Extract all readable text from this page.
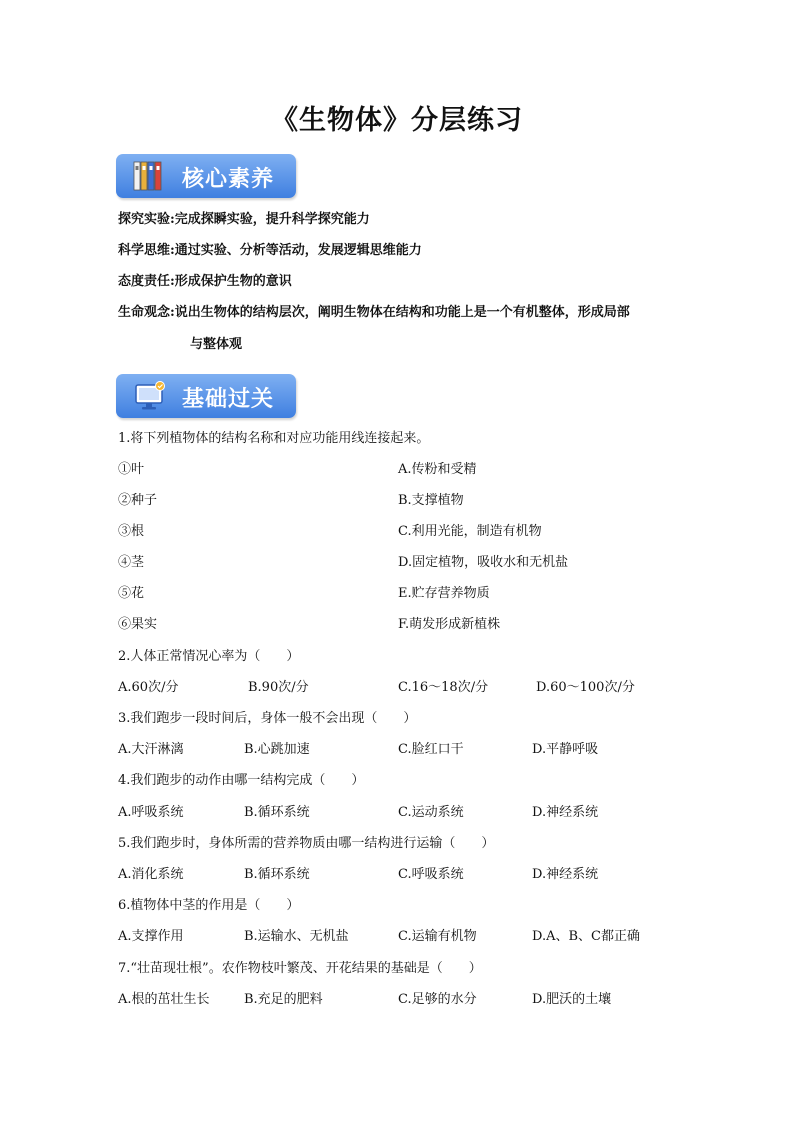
《生物体》分层练习
核心素养
探究实验:完成探瞬实验，提升科学探究能力
科学思维:通过实验、分析等活动，发展逻辑思维能力
态度责任:形成保护生物的意识
生命观念:说出生物体的结构层次，阐明生物体在结构和功能上是一个有机整体，形成局部
与整体观
基础过关
1.将下列植物体的结构名称和对应功能用线连接起来。
①叶	A.传粉和受精
②种子	B.支撑植物
③根	C.利用光能，制造有机物
④茎	D.固定植物，吸收水和无机盐
⑤花	E.贮存营养物质
⑥果实	F.萌发形成新植株
2.人体正常情况心率为（　　）
A.60次/分	B.90次/分	C.16～18次/分	D.60～100次/分
3.我们跑步一段时间后，身体一般不会出现（　　）
A.大汗淋漓	B.心跳加速	C.脸红口干	D.平静呼吸
4.我们跑步的动作由哪一结构完成（　　）
A.呼吸系统	B.循环系统	C.运动系统	D.神经系统
5.我们跑步时，身体所需的营养物质由哪一结构进行运输（　　）
A.消化系统	B.循环系统	C.呼吸系统	D.神经系统
6.植物体中茎的作用是（　　）
A.支撑作用	B.运输水、无机盐	C.运输有机物	D.A、B、C都正确
7.“壮苗现壮根”。农作物枝叶繁茂、开花结果的基础是（　　）
A.根的茁壮生长	B.充足的肥料	C.足够的水分	D.肥沃的土壤
